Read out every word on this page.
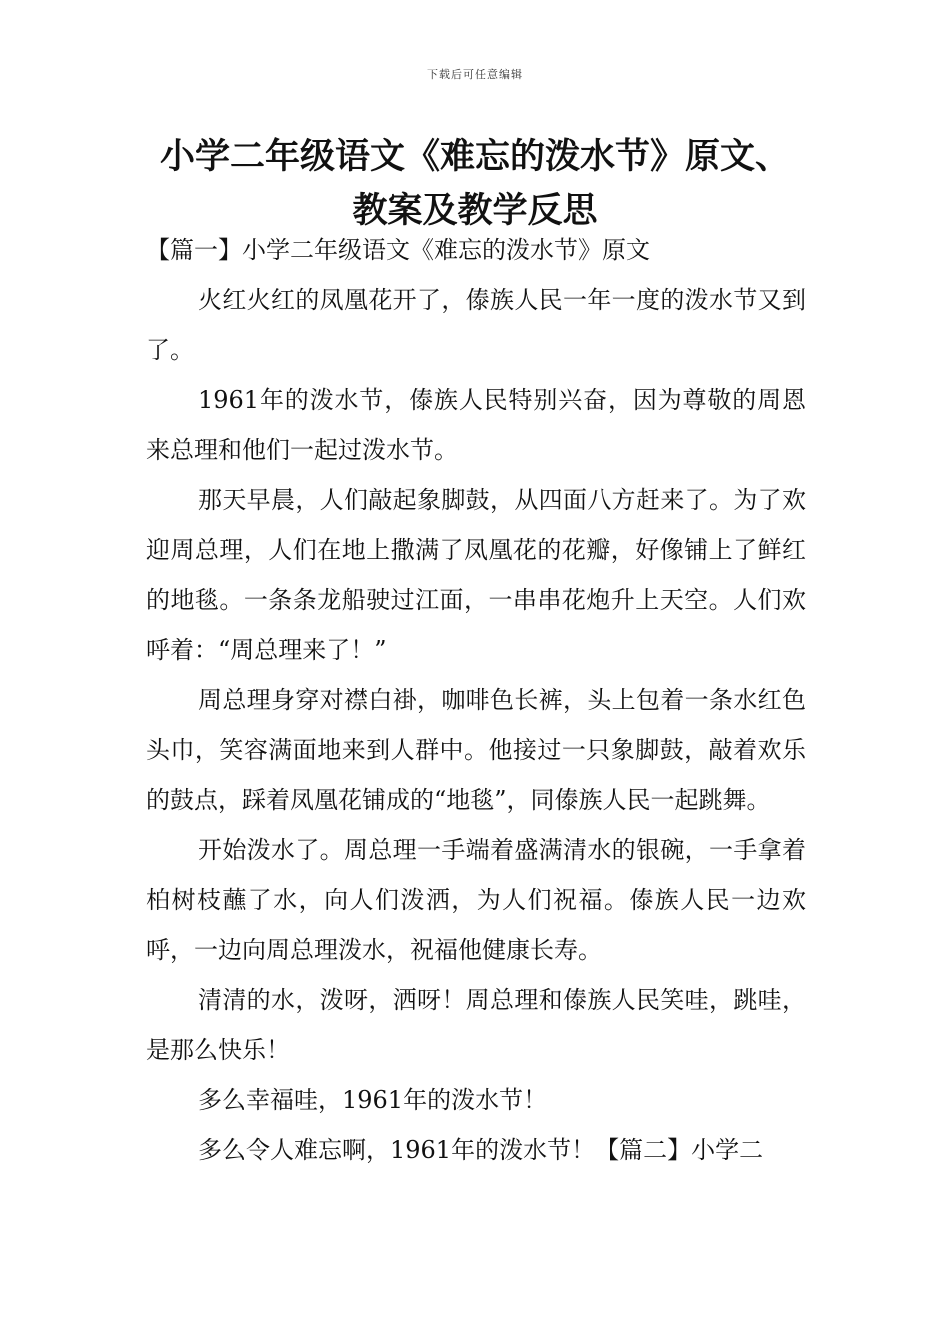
下载后可任意编辑
小学二年级语文《难忘的泼水节》原文、
教案及教学反思

【篇一】小学二年级语文《难忘的泼水节》原文

火红火红的凤凰花开了，傣族人民一年一度的泼水节又到了。

1961年的泼水节，傣族人民特别兴奋，因为尊敬的周恩来总理和他们一起过泼水节。

那天早晨，人们敲起象脚鼓，从四面八方赶来了。为了欢迎周总理，人们在地上撒满了凤凰花的花瓣，好像铺上了鲜红的地毯。一条条龙船驶过江面，一串串花炮升上天空。人们欢呼着：“周总理来了！”

周总理身穿对襟白褂，咖啡色长裤，头上包着一条水红色头巾，笑容满面地来到人群中。他接过一只象脚鼓，敲着欢乐的鼓点，踩着凤凰花铺成的“地毯”，同傣族人民一起跳舞。

开始泼水了。周总理一手端着盛满清水的银碗，一手拿着柏树枝蘸了水，向人们泼洒，为人们祝福。傣族人民一边欢呼，一边向周总理泼水，祝福他健康长寿。

清清的水，泼呀，洒呀！周总理和傣族人民笑哇，跳哇，是那么快乐！

多么幸福哇，1961年的泼水节！

多么令人难忘啊，1961年的泼水节！【篇二】小学二
